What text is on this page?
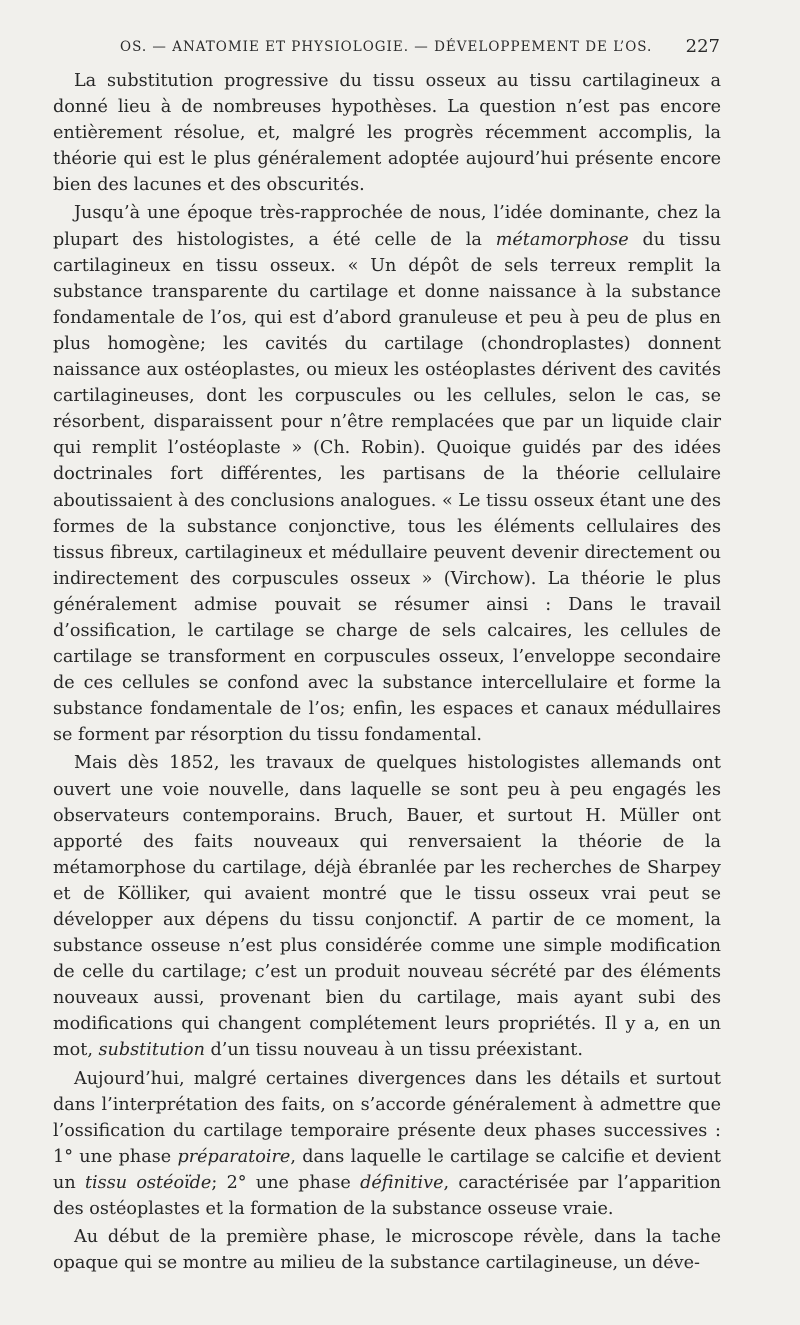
OS. — ANATOMIE ET PHYSIOLOGIE. — DÉVELOPPEMENT DE L’OS. 227

La substitution progressive du tissu osseux au tissu cartilagineux a donné lieu à de nombreuses hypothèses. La question n’est pas encore entièrement résolue, et, malgré les progrès récemment accomplis, la théorie qui est le plus généralement adoptée aujourd’hui présente encore bien des lacunes et des obscurités.

Jusqu’à une époque très-rapprochée de nous, l’idée dominante, chez la plupart des histologistes, a été celle de la métamorphose du tissu cartilagineux en tissu osseux. « Un dépôt de sels terreux remplit la substance transparente du cartilage et donne naissance à la substance fondamentale de l’os, qui est d’abord granuleuse et peu à peu de plus en plus homogène; les cavités du cartilage (chondroplastes) donnent naissance aux ostéoplastes, ou mieux les ostéoplastes dérivent des cavités cartilagineuses, dont les corpuscules ou les cellules, selon le cas, se résorbent, disparaissent pour n’être remplacées que par un liquide clair qui remplit l’ostéoplaste » (Ch. Robin). Quoique guidés par des idées doctrinales fort différentes, les partisans de la théorie cellulaire aboutissaient à des conclusions analogues. « Le tissu osseux étant une des formes de la substance conjonctive, tous les éléments cellulaires des tissus fibreux, cartilagineux et médullaire peuvent devenir directement ou indirectement des corpuscules osseux » (Virchow). La théorie le plus généralement admise pouvait se résumer ainsi : Dans le travail d’ossification, le cartilage se charge de sels calcaires, les cellules de cartilage se transforment en corpuscules osseux, l’enveloppe secondaire de ces cellules se confond avec la substance intercellulaire et forme la substance fondamentale de l’os; enfin, les espaces et canaux médullaires se forment par résorption du tissu fondamental.

Mais dès 1852, les travaux de quelques histologistes allemands ont ouvert une voie nouvelle, dans laquelle se sont peu à peu engagés les observateurs contemporains. Bruch, Bauer, et surtout H. Müller ont apporté des faits nouveaux qui renversaient la théorie de la métamorphose du cartilage, déjà ébranlée par les recherches de Sharpey et de Kölliker, qui avaient montré que le tissu osseux vrai peut se développer aux dépens du tissu conjonctif. A partir de ce moment, la substance osseuse n’est plus considérée comme une simple modification de celle du cartilage; c’est un produit nouveau sécrété par des éléments nouveaux aussi, provenant bien du cartilage, mais ayant subi des modifications qui changent complétement leurs propriétés. Il y a, en un mot, substitution d’un tissu nouveau à un tissu préexistant.

Aujourd’hui, malgré certaines divergences dans les détails et surtout dans l’interprétation des faits, on s’accorde généralement à admettre que l’ossification du cartilage temporaire présente deux phases successives : 1° une phase préparatoire, dans laquelle le cartilage se calcifie et devient un tissu ostéoïde; 2° une phase définitive, caractérisée par l’apparition des ostéoplastes et la formation de la substance osseuse vraie.

Au début de la première phase, le microscope révèle, dans la tache opaque qui se montre au milieu de la substance cartilagineuse, un déve-
